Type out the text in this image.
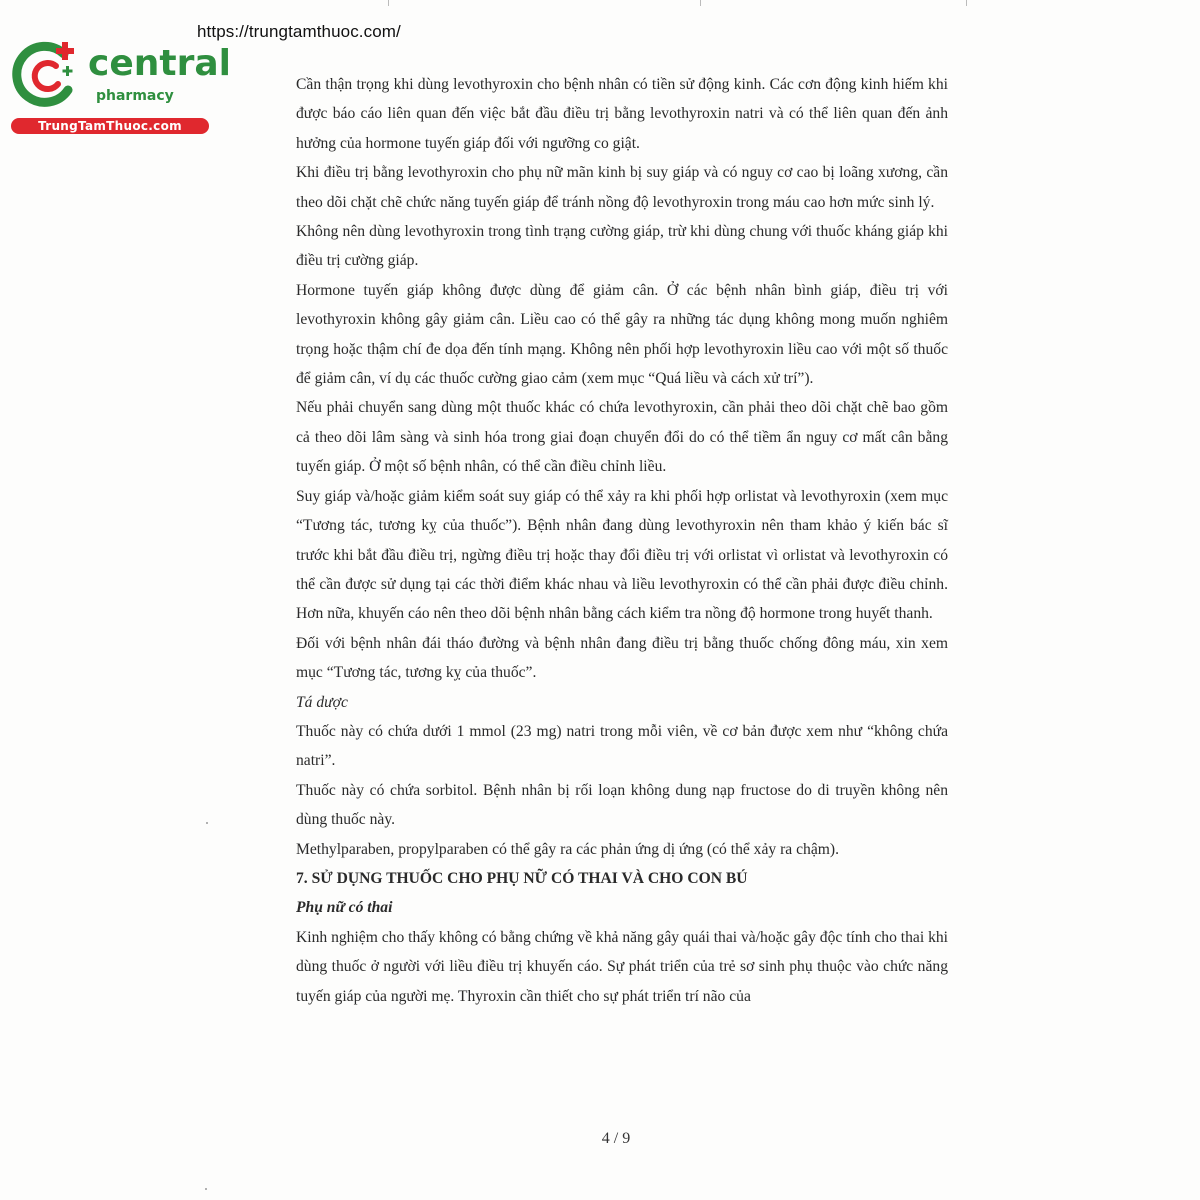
https://trungtamthuoc.com/
central
pharmacy
TrungTamThuoc.com

Cần thận trọng khi dùng levothyroxin cho bệnh nhân có tiền sử động kinh. Các cơn động kinh hiếm khi được báo cáo liên quan đến việc bắt đầu điều trị bằng levothyroxin natri và có thể liên quan đến ảnh hưởng của hormone tuyến giáp đối với ngưỡng co giật.

Khi điều trị bằng levothyroxin cho phụ nữ mãn kinh bị suy giáp và có nguy cơ cao bị loãng xương, cần theo dõi chặt chẽ chức năng tuyến giáp để tránh nồng độ levothyroxin trong máu cao hơn mức sinh lý.

Không nên dùng levothyroxin trong tình trạng cường giáp, trừ khi dùng chung với thuốc kháng giáp khi điều trị cường giáp.

Hormone tuyến giáp không được dùng để giảm cân. Ở các bệnh nhân bình giáp, điều trị với levothyroxin không gây giảm cân. Liều cao có thể gây ra những tác dụng không mong muốn nghiêm trọng hoặc thậm chí đe dọa đến tính mạng. Không nên phối hợp levothyroxin liều cao với một số thuốc để giảm cân, ví dụ các thuốc cường giao cảm (xem mục “Quá liều và cách xử trí”).

Nếu phải chuyển sang dùng một thuốc khác có chứa levothyroxin, cần phải theo dõi chặt chẽ bao gồm cả theo dõi lâm sàng và sinh hóa trong giai đoạn chuyển đổi do có thể tiềm ẩn nguy cơ mất cân bằng tuyến giáp. Ở một số bệnh nhân, có thể cần điều chỉnh liều.

Suy giáp và/hoặc giảm kiểm soát suy giáp có thể xảy ra khi phối hợp orlistat và levothyroxin (xem mục “Tương tác, tương kỵ của thuốc”). Bệnh nhân đang dùng levothyroxin nên tham khảo ý kiến bác sĩ trước khi bắt đầu điều trị, ngừng điều trị hoặc thay đổi điều trị với orlistat vì orlistat và levothyroxin có thể cần được sử dụng tại các thời điểm khác nhau và liều levothyroxin có thể cần phải được điều chỉnh. Hơn nữa, khuyến cáo nên theo dõi bệnh nhân bằng cách kiểm tra nồng độ hormone trong huyết thanh.

Đối với bệnh nhân đái tháo đường và bệnh nhân đang điều trị bằng thuốc chống đông máu, xin xem mục “Tương tác, tương kỵ của thuốc”.

Tá dược

Thuốc này có chứa dưới 1 mmol (23 mg) natri trong mỗi viên, về cơ bản được xem như “không chứa natri”.

Thuốc này có chứa sorbitol. Bệnh nhân bị rối loạn không dung nạp fructose do di truyền không nên dùng thuốc này.

Methylparaben, propylparaben có thể gây ra các phản ứng dị ứng (có thể xảy ra chậm).

7. SỬ DỤNG THUỐC CHO PHỤ NỮ CÓ THAI VÀ CHO CON BÚ

Phụ nữ có thai

Kinh nghiệm cho thấy không có bằng chứng về khả năng gây quái thai và/hoặc gây độc tính cho thai khi dùng thuốc ở người với liều điều trị khuyến cáo. Sự phát triển của trẻ sơ sinh phụ thuộc vào chức năng tuyến giáp của người mẹ. Thyroxin cần thiết cho sự phát triển trí não của

4 / 9
